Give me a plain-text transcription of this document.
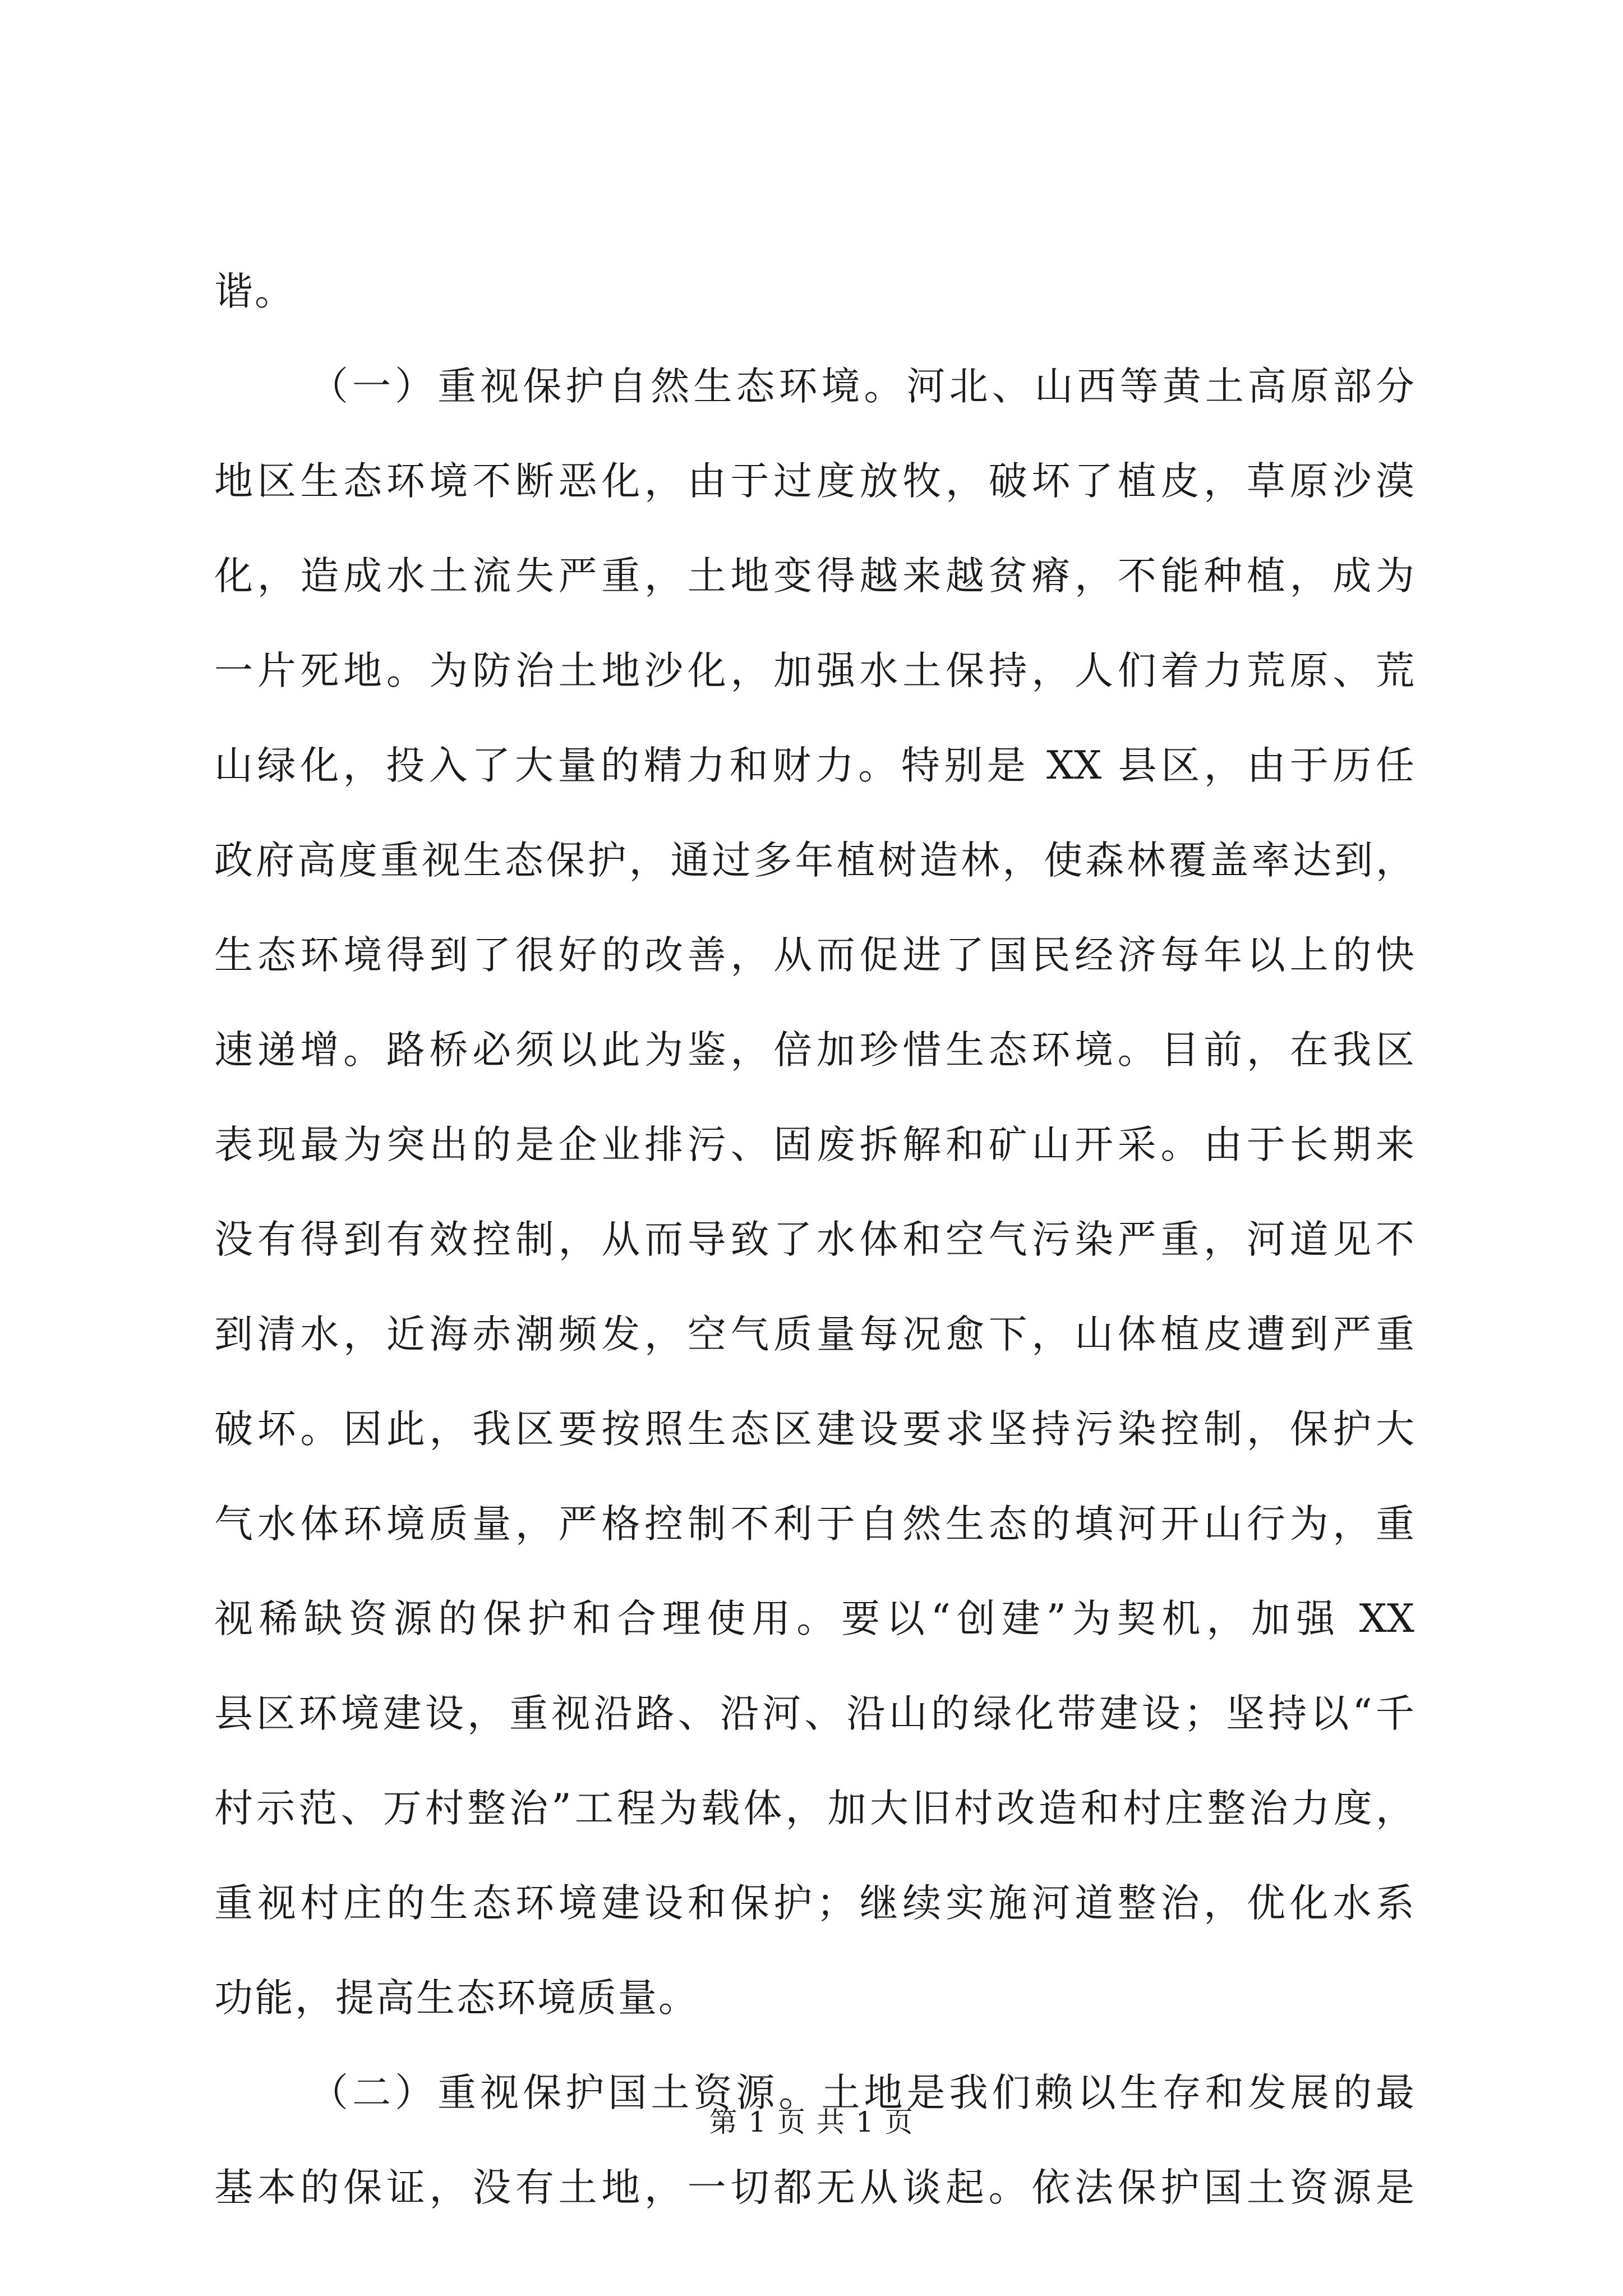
谐。
（一）重视保护自然生态环境。河北、山西等黄土高原部分
地区生态环境不断恶化，由于过度放牧，破坏了植皮，草原沙漠
化，造成水土流失严重，土地变得越来越贫瘠，不能种植，成为
一片死地。为防治土地沙化，加强水土保持，人们着力荒原、荒
山绿化，投入了大量的精力和财力。特别是 XX 县区，由于历任
政府高度重视生态保护，通过多年植树造林，使森林覆盖率达到，
生态环境得到了很好的改善，从而促进了国民经济每年以上的快
速递增。路桥必须以此为鉴，倍加珍惜生态环境。目前，在我区
表现最为突出的是企业排污、固废拆解和矿山开采。由于长期来
没有得到有效控制，从而导致了水体和空气污染严重，河道见不
到清水，近海赤潮频发，空气质量每况愈下，山体植皮遭到严重
破坏。因此，我区要按照生态区建设要求坚持污染控制，保护大
气水体环境质量，严格控制不利于自然生态的填河开山行为，重
视稀缺资源的保护和合理使用。要以“创建”为契机，加强 XX
县区环境建设，重视沿路、沿河、沿山的绿化带建设；坚持以“千
村示范、万村整治”工程为载体，加大旧村改造和村庄整治力度，
重视村庄的生态环境建设和保护；继续实施河道整治，优化水系
功能，提高生态环境质量。
（二）重视保护国土资源。土地是我们赖以生存和发展的最
基本的保证，没有土地，一切都无从谈起。依法保护国土资源是
第 1 页 共 1 页
